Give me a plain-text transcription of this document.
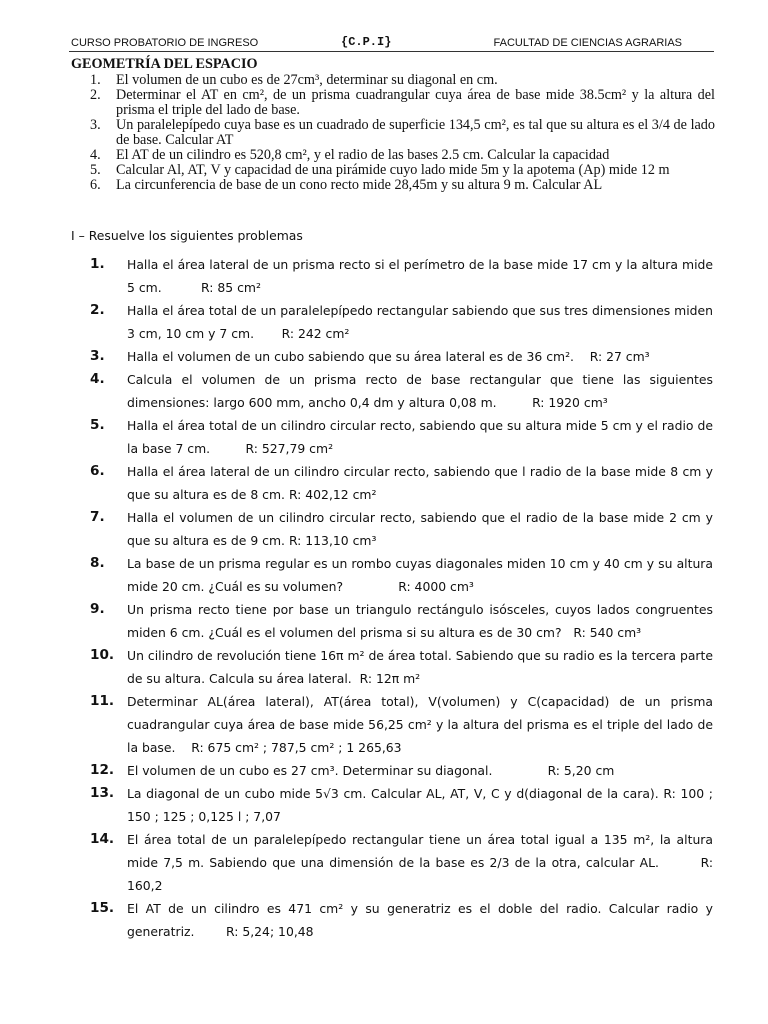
CURSO PROBATORIO DE INGRESO	{C.P.I}	FACULTAD DE CIENCIAS AGRARIAS
GEOMETRÍA DEL ESPACIO
1. El volumen de un cubo es de 27cm³, determinar su diagonal en cm.
2. Determinar el AT en cm², de un prisma cuadrangular cuya área de base mide 38.5cm² y la altura del prisma el triple del lado de base.
3. Un paralelepípedo cuya base es un cuadrado de superficie 134,5 cm², es tal que su altura es el 3/4 de lado de base. Calcular AT
4. El AT de un cilindro es 520,8 cm², y el radio de las bases 2.5 cm. Calcular la capacidad
5. Calcular Al, AT, V y capacidad de una pirámide cuyo lado mide 5m y la apotema (Ap) mide 12 m
6. La circunferencia de base de un cono recto mide 28,45m y su altura 9 m. Calcular AL
I – Resuelve los siguientes problemas
1. Halla el área lateral de un prisma recto si el perímetro de la base mide 17 cm y la altura mide 5 cm.	R: 85 cm²
2. Halla el área total de un paralelepípedo rectangular sabiendo que sus tres dimensiones miden 3 cm, 10 cm y 7 cm. R: 242 cm²
3. Halla el volumen de un cubo sabiendo que su área lateral es de 36 cm². R: 27 cm³
4. Calcula el volumen de un prisma recto de base rectangular que tiene las siguientes dimensiones: largo 600 mm, ancho 0,4 dm y altura 0,08 m.	R: 1920 cm³
5. Halla el área total de un cilindro circular recto, sabiendo que su altura mide 5 cm y el radio de la base 7 cm.	R: 527,79 cm²
6. Halla el área lateral de un cilindro circular recto, sabiendo que l radio de la base mide 8 cm y que su altura es de 8 cm. R: 402,12 cm²
7. Halla el volumen de un cilindro circular recto, sabiendo que el radio de la base mide 2 cm y que su altura es de 9 cm. R: 113,10 cm³
8. La base de un prisma regular es un rombo cuyas diagonales miden 10 cm y 40 cm y su altura mide 20 cm. ¿Cuál es su volumen?	R: 4000 cm³
9. Un prisma recto tiene por base un triangulo rectángulo isósceles, cuyos lados congruentes miden 6 cm. ¿Cuál es el volumen del prisma si su altura es de 30 cm? R: 540 cm³
10. Un cilindro de revolución tiene 16π m² de área total. Sabiendo que su radio es la tercera parte de su altura. Calcula su área lateral. R: 12π m²
11. Determinar AL(área lateral), AT(área total), V(volumen) y C(capacidad) de un prisma cuadrangular cuya área de base mide 56,25 cm² y la altura del prisma es el triple del lado de la base. R: 675 cm² ; 787,5 cm² ; 1 265,63
12. El volumen de un cubo es 27 cm³. Determinar su diagonal.	R: 5,20 cm
13. La diagonal de un cubo mide 5√3 cm. Calcular AL, AT, V, C y d(diagonal de la cara). R: 100 ; 150 ; 125 ; 0,125 l ; 7,07
14. El área total de un paralelepípedo rectangular tiene un área total igual a 135 m², la altura mide 7,5 m. Sabiendo que una dimensión de la base es 2/3 de la otra, calcular AL.	R: 160,2
15. El AT de un cilindro es 471 cm² y su generatriz es el doble del radio. Calcular radio y generatriz.	R: 5,24; 10,48
